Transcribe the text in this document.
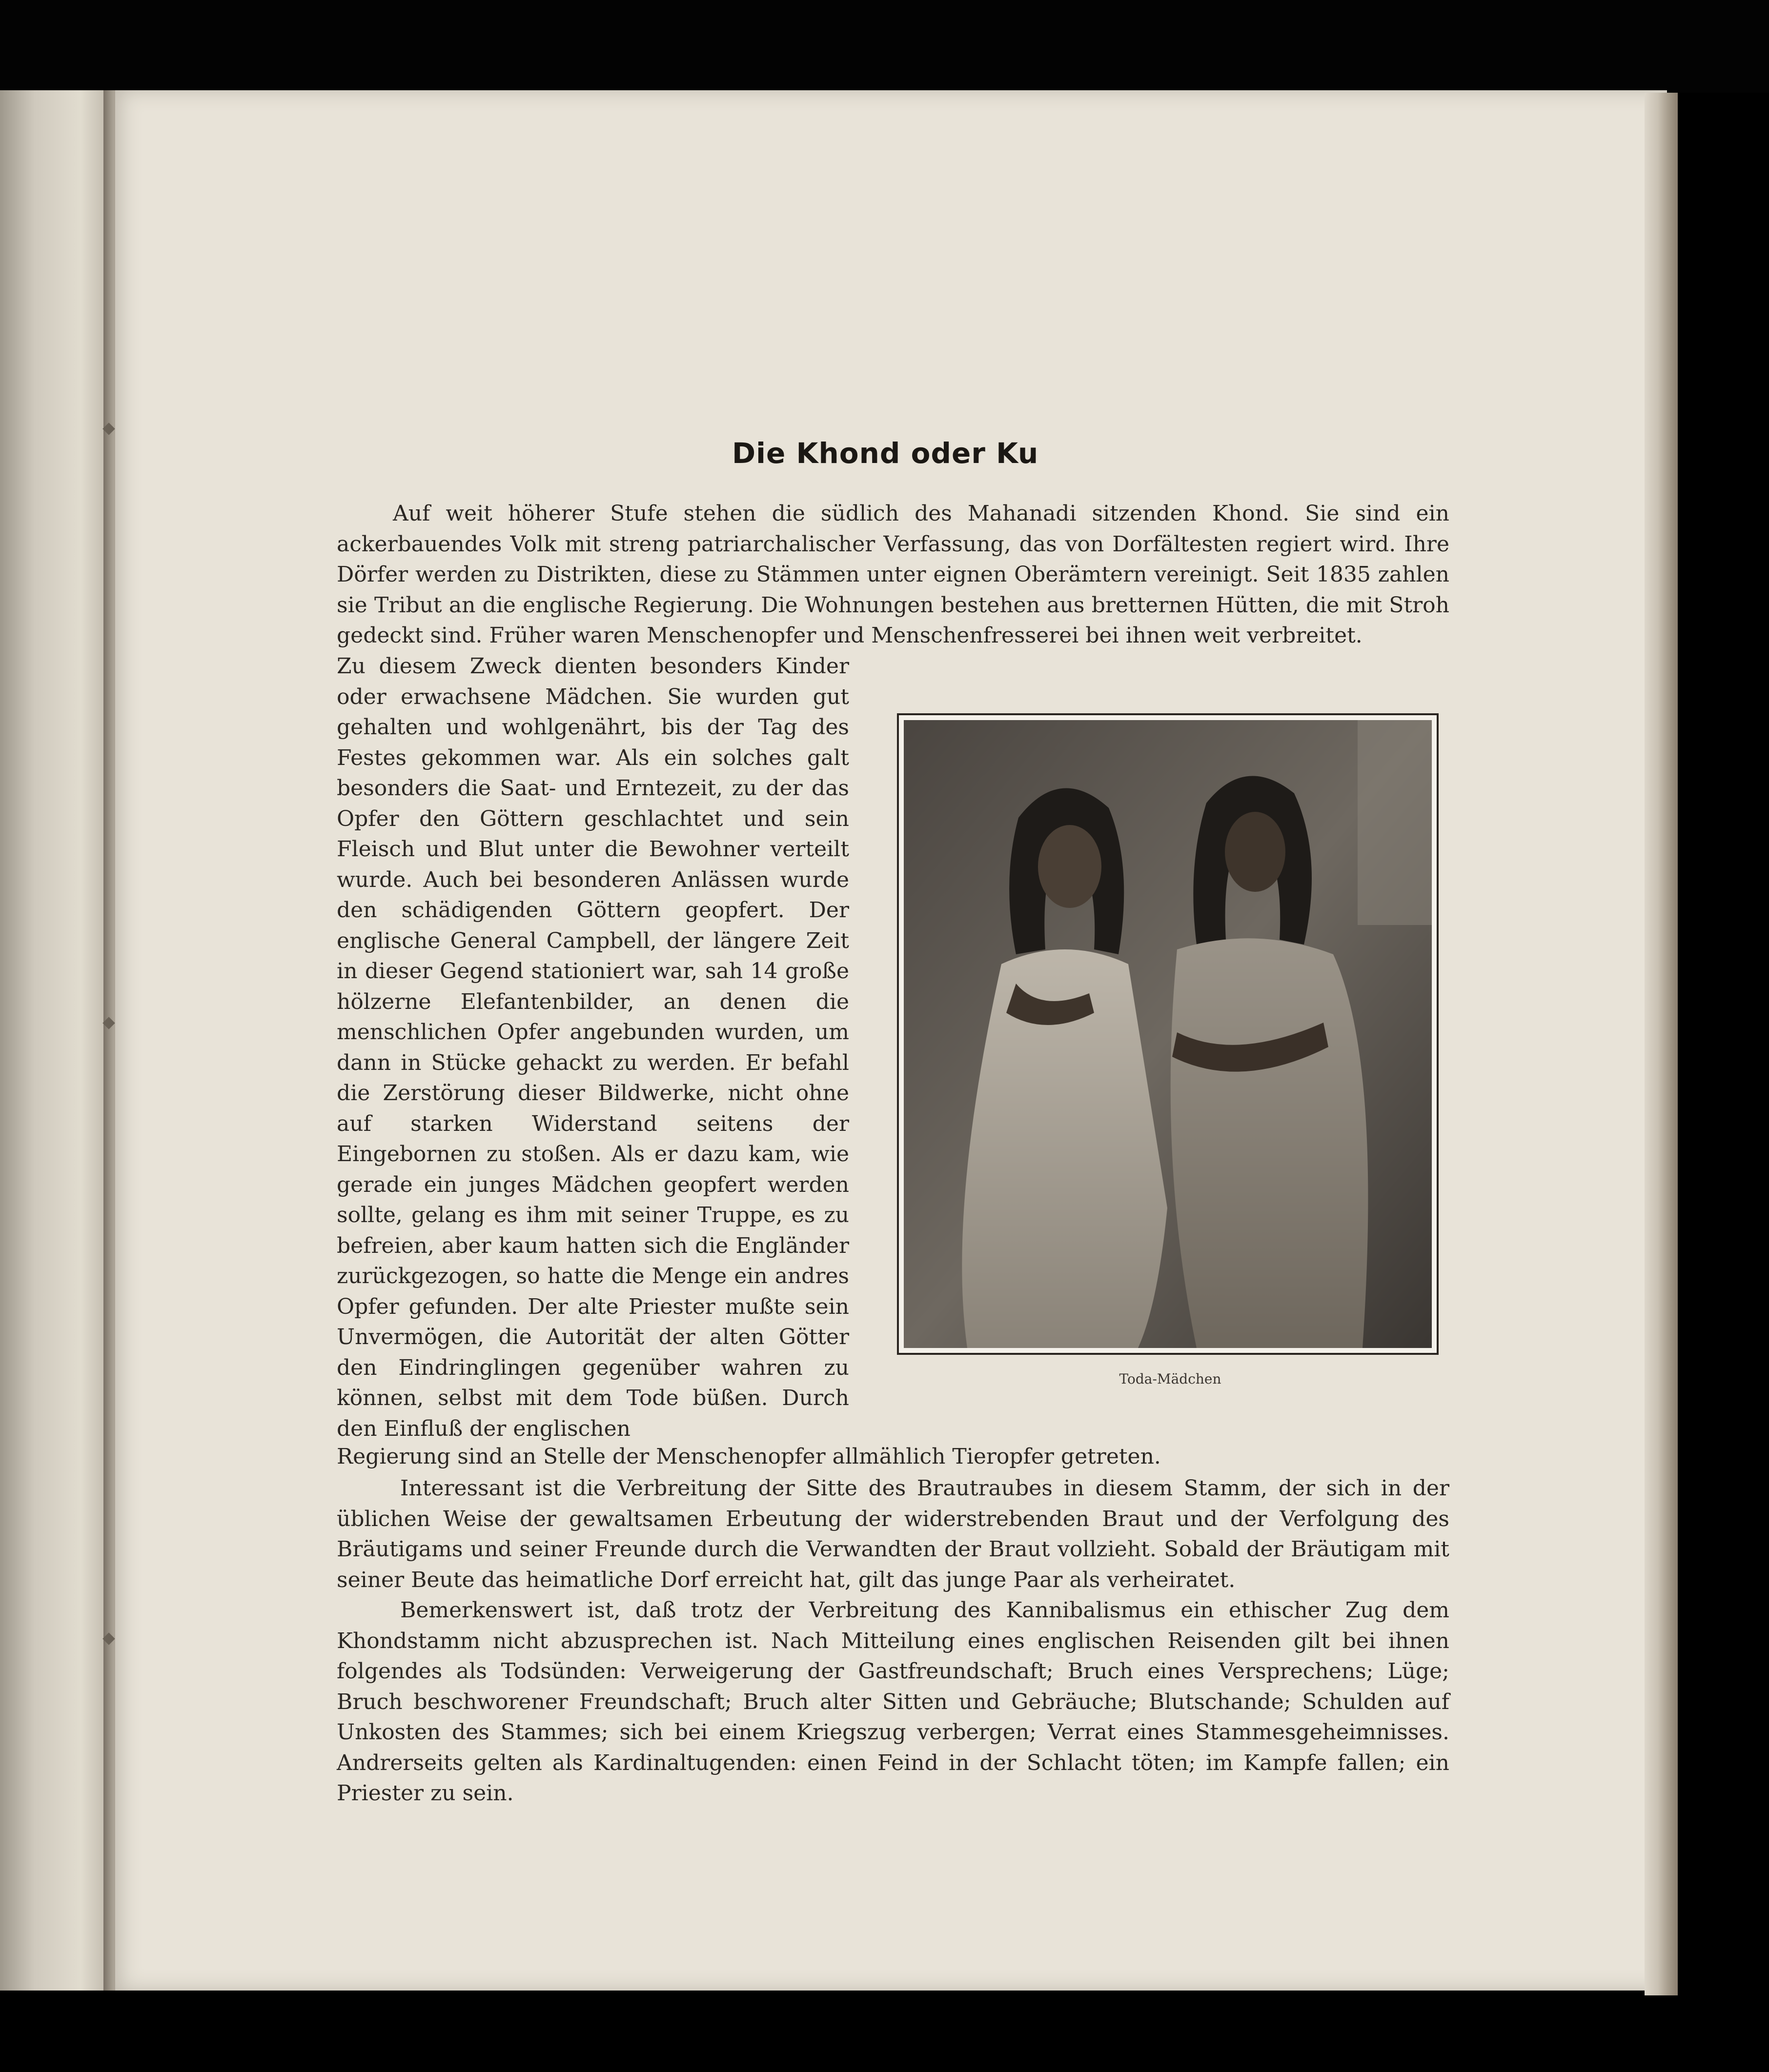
Die Khond oder Ku

Auf weit höherer Stufe stehen die südlich des Mahanadi sitzenden Khond. Sie sind ein ackerbauendes Volk mit streng patriarchalischer Verfassung, das von Dorfältesten regiert wird. Ihre Dörfer werden zu Distrikten, diese zu Stämmen unter eignen Oberämtern vereinigt. Seit 1835 zahlen sie Tribut an die englische Regierung. Die Wohnungen bestehen aus bretternen Hütten, die mit Stroh gedeckt sind. Früher waren Menschenopfer und Menschenfresserei bei ihnen weit verbreitet.

Zu diesem Zweck dienten besonders Kinder oder erwachsene Mädchen. Sie wurden gut gehalten und wohlgenährt, bis der Tag des Festes gekommen war. Als ein solches galt besonders die Saat- und Erntezeit, zu der das Opfer den Göttern geschlachtet und sein Fleisch und Blut unter die Bewohner verteilt wurde. Auch bei besonderen Anlässen wurde den schädigenden Göttern geopfert. Der englische General Campbell, der längere Zeit in dieser Gegend stationiert war, sah 14 große hölzerne Elefantenbilder, an denen die menschlichen Opfer angebunden wurden, um dann in Stücke gehackt zu werden. Er befahl die Zerstörung dieser Bildwerke, nicht ohne auf starken Widerstand seitens der Eingebornen zu stoßen. Als er dazu kam, wie gerade ein junges Mädchen geopfert werden sollte, gelang es ihm mit seiner Truppe, es zu befreien, aber kaum hatten sich die Engländer zurückgezogen, so hatte die Menge ein andres Opfer gefunden. Der alte Priester mußte sein Unvermögen, die Autorität der alten Götter den Eindringlingen gegenüber wahren zu können, selbst mit dem Tode büßen. Durch den Einfluß der englischen

Regierung sind an Stelle der Menschenopfer allmählich Tieropfer getreten.

Interessant ist die Verbreitung der Sitte des Brautraubes in diesem Stamm, der sich in der üblichen Weise der gewaltsamen Erbeutung der widerstrebenden Braut und der Verfolgung des Bräutigams und seiner Freunde durch die Verwandten der Braut vollzieht. Sobald der Bräutigam mit seiner Beute das heimatliche Dorf erreicht hat, gilt das junge Paar als verheiratet.

Bemerkenswert ist, daß trotz der Verbreitung des Kannibalismus ein ethischer Zug dem Khondstamm nicht abzusprechen ist. Nach Mitteilung eines englischen Reisenden gilt bei ihnen folgendes als Todsünden: Verweigerung der Gastfreundschaft; Bruch eines Versprechens; Lüge; Bruch beschworener Freundschaft; Bruch alter Sitten und Gebräuche; Blutschande; Schulden auf Unkosten des Stammes; sich bei einem Kriegszug verbergen; Verrat eines Stammesgeheimnisses. Andrerseits gelten als Kardinaltugenden: einen Feind in der Schlacht töten; im Kampfe fallen; ein Priester zu sein.

Toda-Mädchen
